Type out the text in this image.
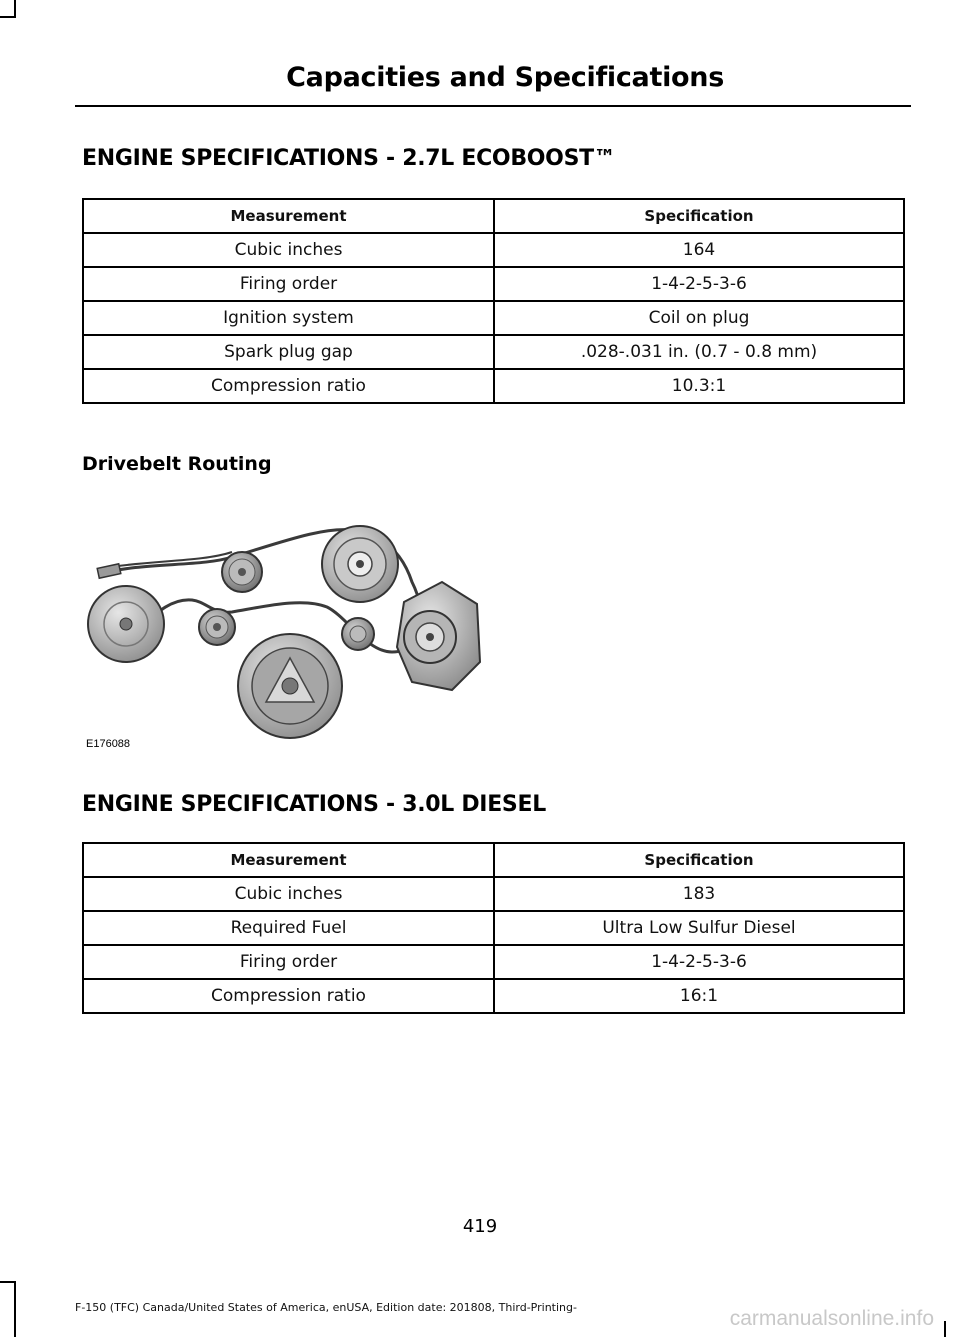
Capacities and Specifications
ENGINE SPECIFICATIONS - 2.7L ECOBOOST™
Measurement	Specification
Cubic inches	164
Firing order	1-4-2-5-3-6
Ignition system	Coil on plug
Spark plug gap	.028-.031 in. (0.7 - 0.8 mm)
Compression ratio	10.3:1
Drivebelt Routing
E176088
ENGINE SPECIFICATIONS - 3.0L DIESEL
Measurement	Specification
Cubic inches	183
Required Fuel	Ultra Low Sulfur Diesel
Firing order	1-4-2-5-3-6
Compression ratio	16:1
419
F-150 (TFC) Canada/United States of America, enUSA, Edition date: 201808, Third-Printing-	carmanualsonline.info
